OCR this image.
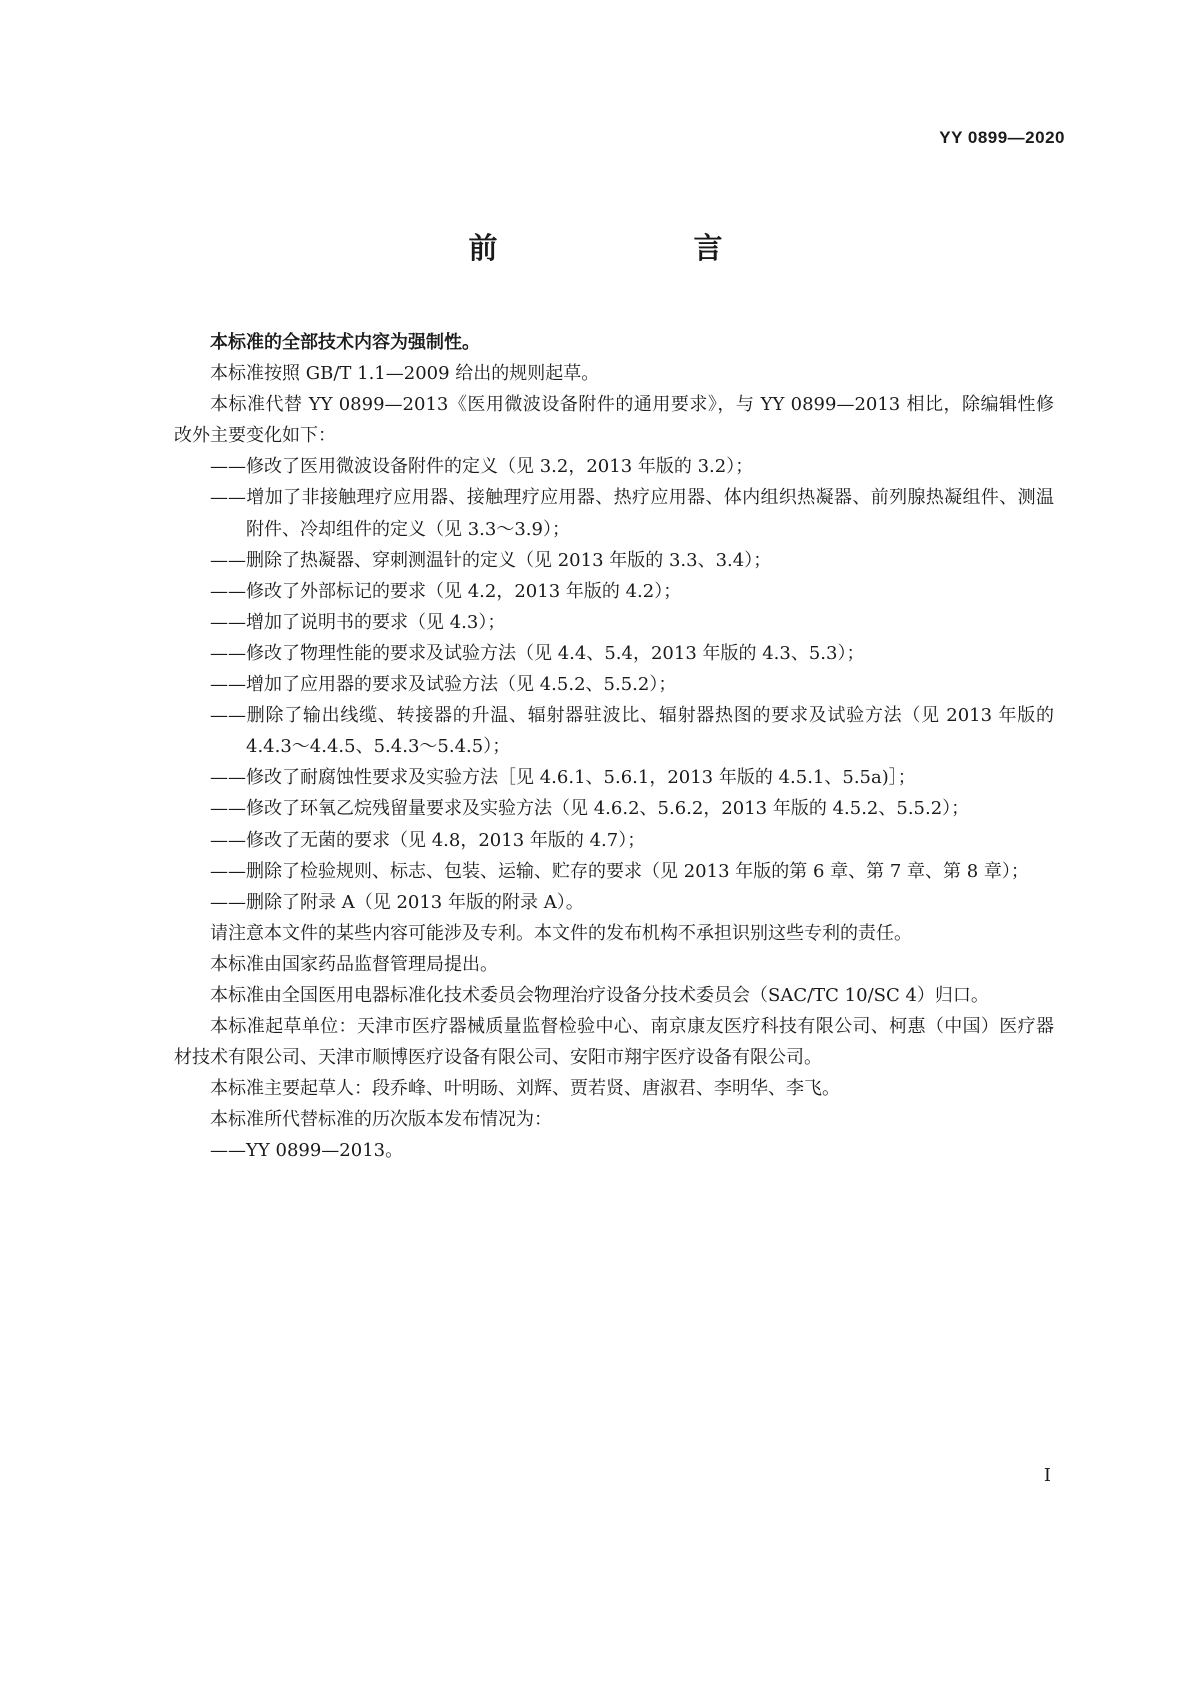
YY 0899—2020
前　　言

本标准的全部技术内容为强制性。

本标准按照 GB/T 1.1—2009 给出的规则起草。

本标准代替 YY 0899—2013《医用微波设备附件的通用要求》，与 YY 0899—2013 相比，除编辑性修改外主要变化如下：

——修改了医用微波设备附件的定义（见 3.2，2013 年版的 3.2）；

——增加了非接触理疗应用器、接触理疗应用器、热疗应用器、体内组织热凝器、前列腺热凝组件、测温附件、冷却组件的定义（见 3.3～3.9）；

——删除了热凝器、穿刺测温针的定义（见 2013 年版的 3.3、3.4）；

——修改了外部标记的要求（见 4.2，2013 年版的 4.2）；

——增加了说明书的要求（见 4.3）；

——修改了物理性能的要求及试验方法（见 4.4、5.4，2013 年版的 4.3、5.3）；

——增加了应用器的要求及试验方法（见 4.5.2、5.5.2）；

——删除了输出线缆、转接器的升温、辐射器驻波比、辐射器热图的要求及试验方法（见 2013 年版的 4.4.3～4.4.5、5.4.3～5.4.5）；

——修改了耐腐蚀性要求及实验方法［见 4.6.1、5.6.1，2013 年版的 4.5.1、5.5a)］；

——修改了环氧乙烷残留量要求及实验方法（见 4.6.2、5.6.2，2013 年版的 4.5.2、5.5.2）；

——修改了无菌的要求（见 4.8，2013 年版的 4.7）；

——删除了检验规则、标志、包装、运输、贮存的要求（见 2013 年版的第 6 章、第 7 章、第 8 章）；

——删除了附录 A（见 2013 年版的附录 A）。

请注意本文件的某些内容可能涉及专利。本文件的发布机构不承担识别这些专利的责任。

本标准由国家药品监督管理局提出。

本标准由全国医用电器标准化技术委员会物理治疗设备分技术委员会（SAC/TC 10/SC 4）归口。

本标准起草单位：天津市医疗器械质量监督检验中心、南京康友医疗科技有限公司、柯惠（中国）医疗器材技术有限公司、天津市顺博医疗设备有限公司、安阳市翔宇医疗设备有限公司。

本标准主要起草人：段乔峰、叶明旸、刘辉、贾若贤、唐淑君、李明华、李飞。

本标准所代替标准的历次版本发布情况为：

——YY 0899—2013。

I
